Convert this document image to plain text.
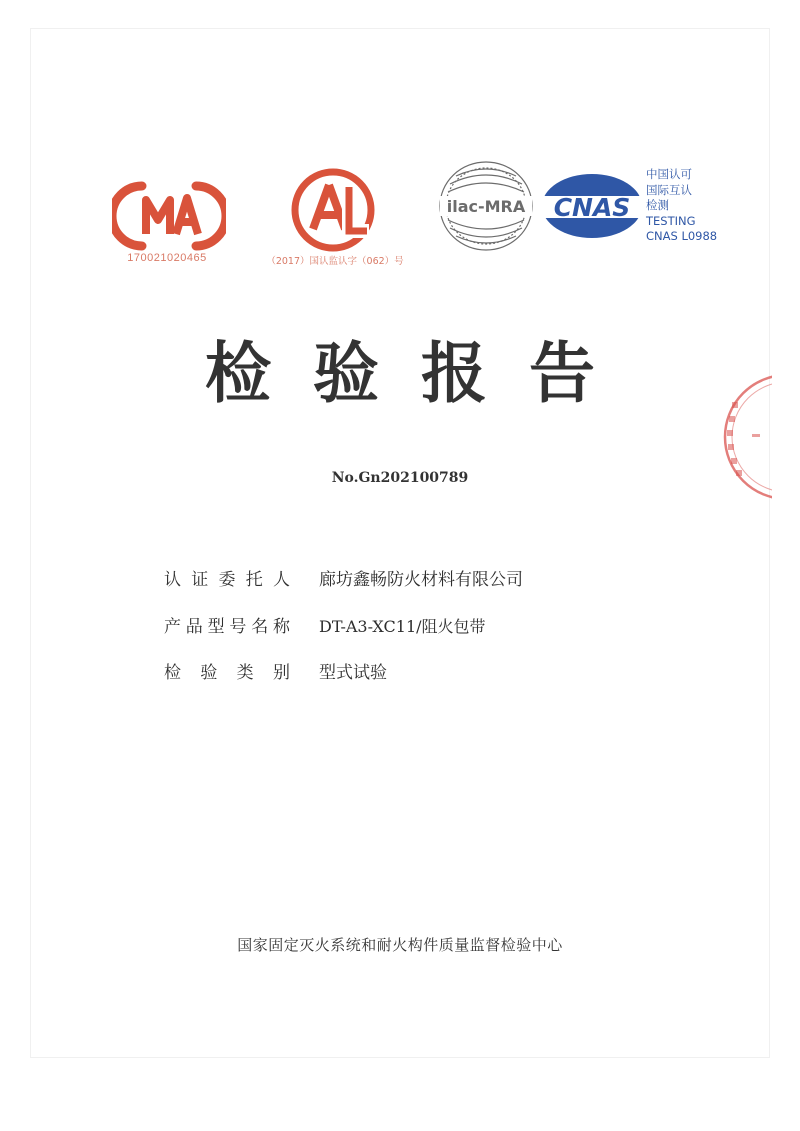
170021020465	（2017）国认监认字（062）号
ilac-MRA CNAS
中国认可
国际互认
检测
TESTING
CNAS L0988
检验报告
No.Gn202100789
认证委托人 廊坊鑫畅防火材料有限公司
产品型号名称 DT-A3-XC11/阻火包带
检验类别 型式试验
国家固定灭火系统和耐火构件质量监督检验中心
